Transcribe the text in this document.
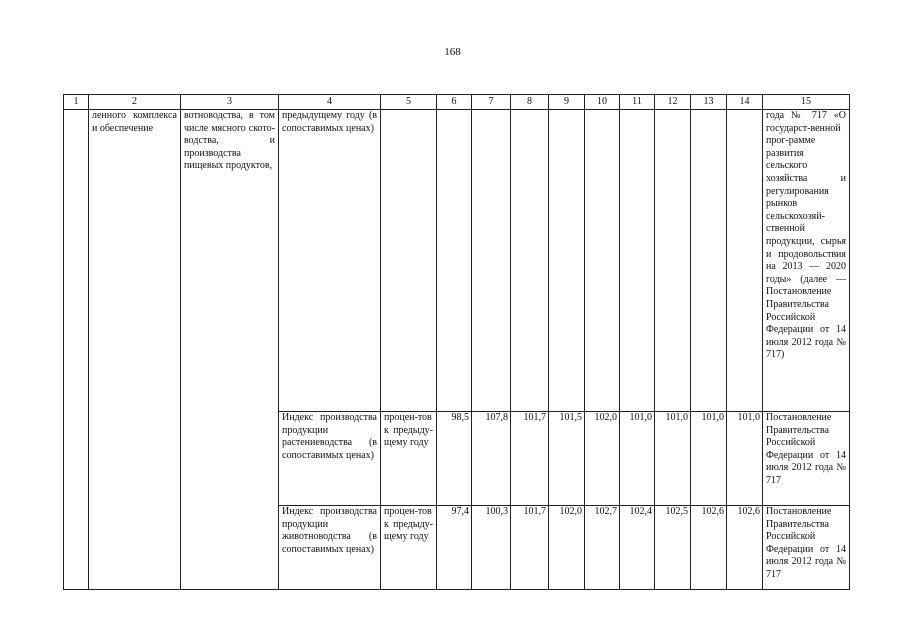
168
1	2	3	4	5	6	7	8	9	10	11	12	13	14	15
	ленного комплекса и обеспечение	вотноводства, в том числе мясного ското-водства, и производства пищевых продуктов,	предыдущему году (в сопоставимых ценах)											года № 717 «О государст-венной прог-рамме развития сельского хозяйства и регулирования рынков сельскохозяй-ственной продукции, сырья и продовольствия на 2013 — 2020 годы» (далее — Постановление Правительства Российской Федерации от 14 июля 2012 года № 717)
			Индекс производства продукции растениеводства (в сопоставимых ценах)	процен-тов к предыду-щему году	98,5	107,8	101,7	101,5	102,0	101,0	101,0	101,0	101,0	Постановление Правительства Российской Федерации от 14 июля 2012 года № 717
			Индекс производства продукции животноводства (в сопоставимых ценах)	процен-тов к предыду-щему году	97,4	100,3	101,7	102,0	102,7	102,4	102,5	102,6	102,6	Постановление Правительства Российской Федерации от 14 июля 2012 года № 717
